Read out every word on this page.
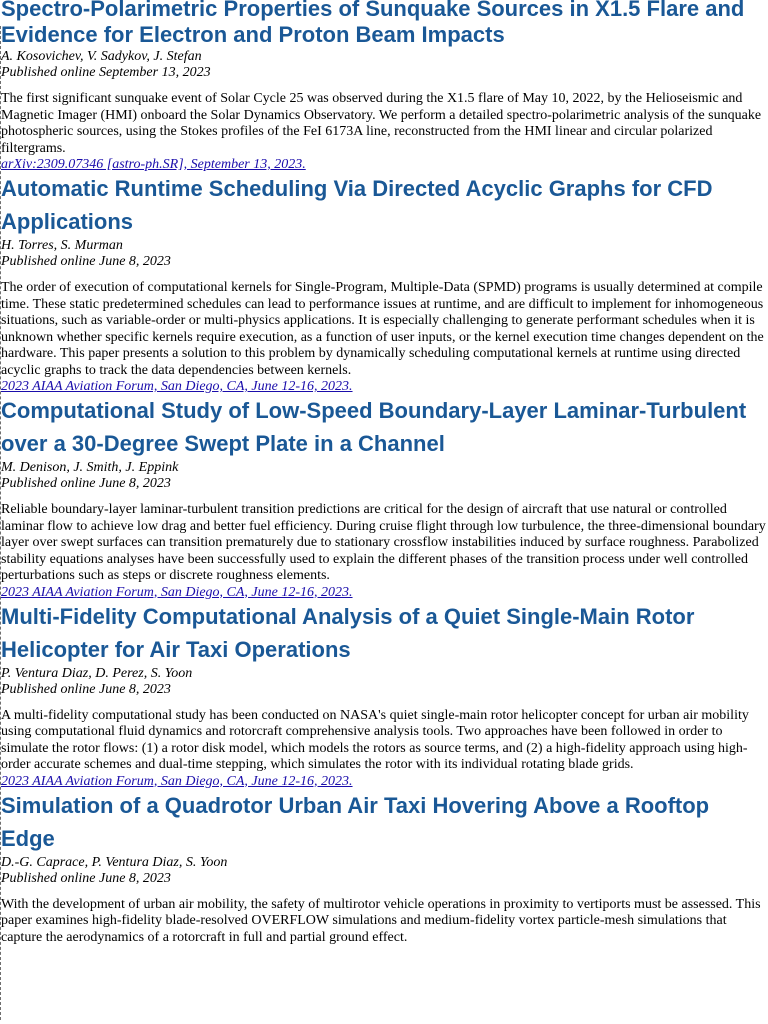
Spectro-Polarimetric Properties of Sunquake Sources in X1.5 Flare and Evidence for Electron and Proton Beam Impacts

A. Kosovichev, V. Sadykov, J. Stefan

Published online September 13, 2023

The first significant sunquake event of Solar Cycle 25 was observed during the X1.5 flare of May 10, 2022, by the Helioseismic and Magnetic Imager (HMI) onboard the Solar Dynamics Observatory. We perform a detailed spectro-polarimetric analysis of the sunquake photospheric sources, using the Stokes profiles of the FeI 6173A line, reconstructed from the HMI linear and circular polarized filtergrams.

arXiv:2309.07346 [astro-ph.SR], September 13, 2023.
Automatic Runtime Scheduling Via Directed Acyclic Graphs for CFD Applications

H. Torres, S. Murman

Published online June 8, 2023

The order of execution of computational kernels for Single-Program, Multiple-Data (SPMD) programs is usually determined at compile time. These static predetermined schedules can lead to performance issues at runtime, and are difficult to implement for inhomogeneous situations, such as variable-order or multi-physics applications. It is especially challenging to generate performant schedules when it is unknown whether specific kernels require execution, as a function of user inputs, or the kernel execution time changes dependent on the hardware. This paper presents a solution to this problem by dynamically scheduling computational kernels at runtime using directed acyclic graphs to track the data dependencies between kernels.

2023 AIAA Aviation Forum, San Diego, CA, June 12-16, 2023.
Computational Study of Low-Speed Boundary-Layer Laminar-Turbulent over a 30-Degree Swept Plate in a Channel

M. Denison, J. Smith, J. Eppink

Published online June 8, 2023

Reliable boundary-layer laminar-turbulent transition predictions are critical for the design of aircraft that use natural or controlled laminar flow to achieve low drag and better fuel efficiency. During cruise flight through low turbulence, the three-dimensional boundary layer over swept surfaces can transition prematurely due to stationary crossflow instabilities induced by surface roughness. Parabolized stability equations analyses have been successfully used to explain the different phases of the transition process under well controlled perturbations such as steps or discrete roughness elements.

2023 AIAA Aviation Forum, San Diego, CA, June 12-16, 2023.
Multi-Fidelity Computational Analysis of a Quiet Single-Main Rotor Helicopter for Air Taxi Operations

P. Ventura Diaz, D. Perez, S. Yoon

Published online June 8, 2023

A multi-fidelity computational study has been conducted on NASA's quiet single-main rotor helicopter concept for urban air mobility using computational fluid dynamics and rotorcraft comprehensive analysis tools. Two approaches have been followed in order to simulate the rotor flows: (1) a rotor disk model, which models the rotors as source terms, and (2) a high-fidelity approach using high-order accurate schemes and dual-time stepping, which simulates the rotor with its individual rotating blade grids.

2023 AIAA Aviation Forum, San Diego, CA, June 12-16, 2023.
Simulation of a Quadrotor Urban Air Taxi Hovering Above a Rooftop Edge

D.-G. Caprace, P. Ventura Diaz, S. Yoon

Published online June 8, 2023

With the development of urban air mobility, the safety of multirotor vehicle operations in proximity to vertiports must be assessed. This paper examines high-fidelity blade-resolved OVERFLOW simulations and medium-fidelity vortex particle-mesh simulations that capture the aerodynamics of a rotorcraft in full and partial ground effect.
